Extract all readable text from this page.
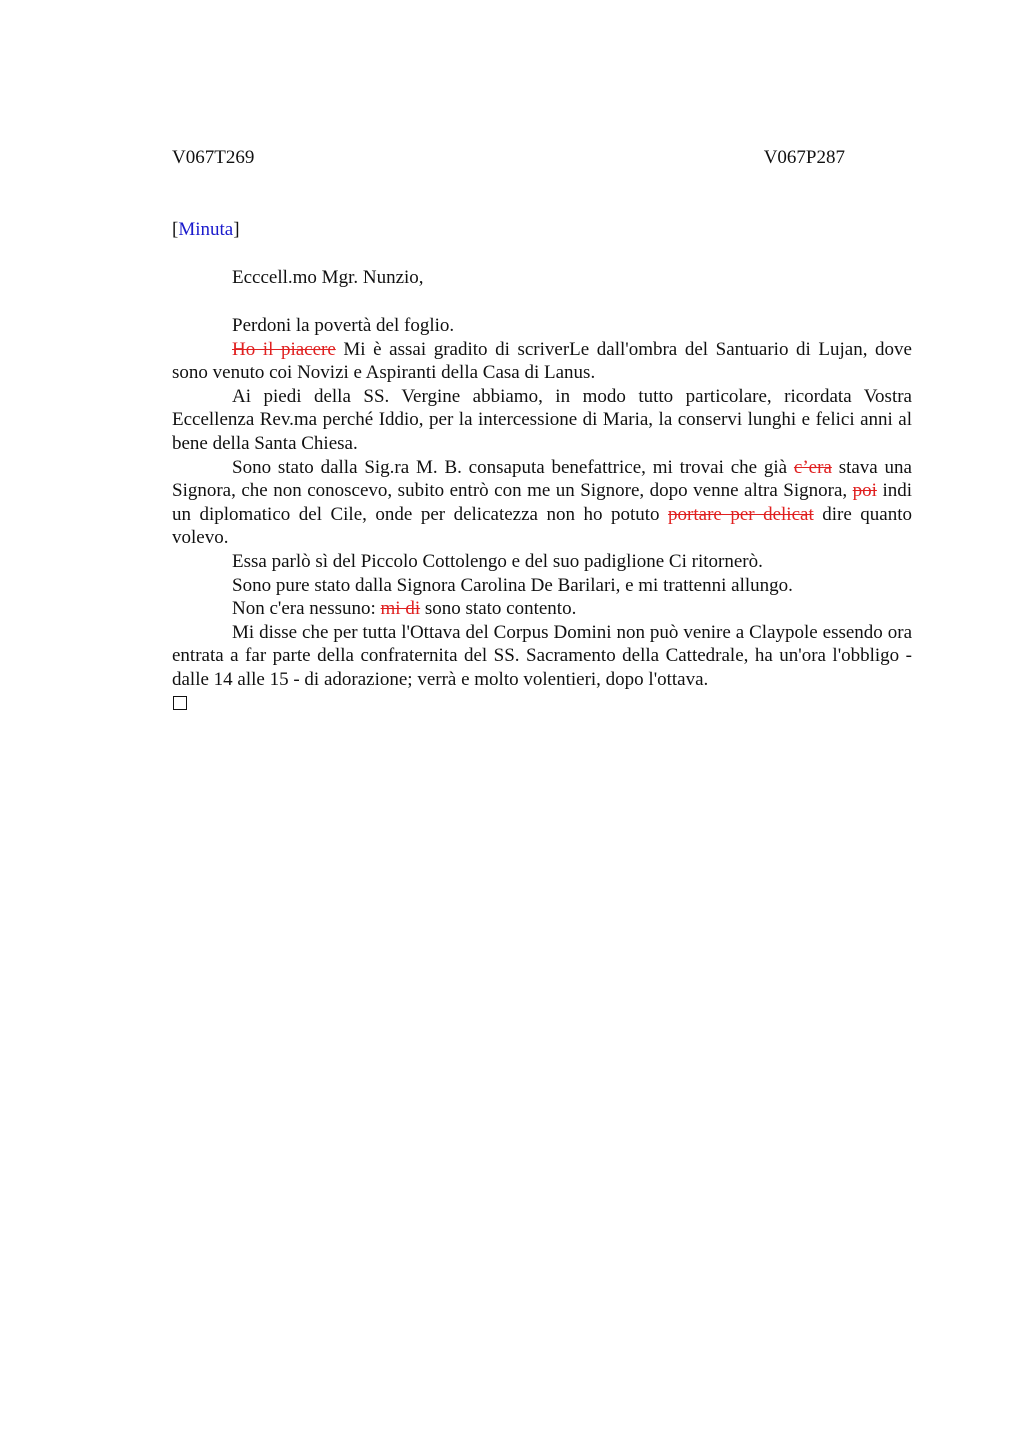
V067T269	V067P287
[Minuta]
Ecccell.mo Mgr. Nunzio,

Perdoni la povertà del foglio.

Ho il piacere Mi è assai gradito di scriverLe dall'ombra del Santuario di Lujan, dove sono venuto coi Novizi e Aspiranti della Casa di Lanus.

Ai piedi della SS. Vergine abbiamo, in modo tutto particolare, ricordata Vostra Eccellenza Rev.ma perché Iddio, per la intercessione di Maria, la conservi lunghi e felici anni al bene della Santa Chiesa.

Sono stato dalla Sig.ra M. B. consaputa benefattrice, mi trovai che già c’era stava una Signora, che non conoscevo, subito entrò con me un Signore, dopo venne altra Signora, poi indi un diplomatico del Cile, onde per delicatezza non ho potuto portare per delicat dire quanto volevo.

Essa parlò sì del Piccolo Cottolengo e del suo padiglione Ci ritornerò.

Sono pure stato dalla Signora Carolina De Barilari, e mi trattenni allungo.

Non c'era nessuno: mi di sono stato contento.

Mi disse che per tutta l'Ottava del Corpus Domini non può venire a Claypole essendo ora entrata a far parte della confraternita del SS. Sacramento della Cattedrale, ha un'ora l'obbligo - dalle 14 alle 15 - di adorazione; verrà e molto volentieri, dopo l'ottava.
